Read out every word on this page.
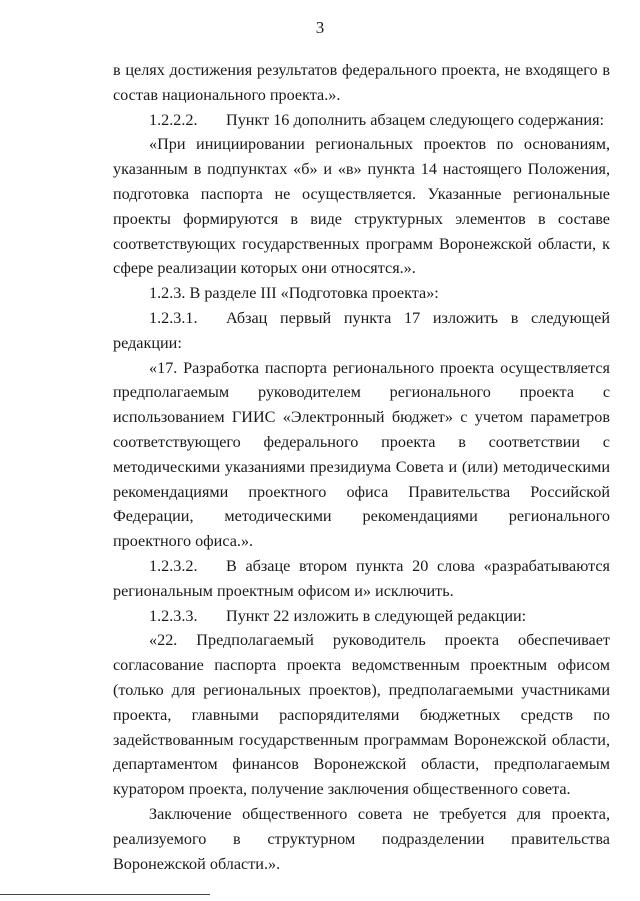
3

в целях достижения результатов федерального проекта, не входящего в состав национального проекта.».

1.2.2.2. Пункт 16 дополнить абзацем следующего содержания:

«При инициировании региональных проектов по основаниям, указанным в подпунктах «б» и «в» пункта 14 настоящего Положения, подготовка паспорта не осуществляется. Указанные региональные проекты формируются в виде структурных элементов в составе соответствующих государственных программ Воронежской области, к сфере реализации которых они относятся.».

1.2.3. В разделе III «Подготовка проекта»:

1.2.3.1. Абзац первый пункта 17 изложить в следующей редакции:

«17. Разработка паспорта регионального проекта осуществляется предполагаемым руководителем регионального проекта с использованием ГИИС «Электронный бюджет» с учетом параметров соответствующего федерального проекта в соответствии с методическими указаниями президиума Совета и (или) методическими рекомендациями проектного офиса Правительства Российской Федерации, методическими рекомендациями регионального проектного офиса.».

1.2.3.2. В абзаце втором пункта 20 слова «разрабатываются региональным проектным офисом и» исключить.

1.2.3.3. Пункт 22 изложить в следующей редакции:

«22. Предполагаемый руководитель проекта обеспечивает согласование паспорта проекта ведомственным проектным офисом (только для региональных проектов), предполагаемыми участниками проекта, главными распорядителями бюджетных средств по задействованным государственным программам Воронежской области, департаментом финансов Воронежской области, предполагаемым куратором проекта, получение заключения общественного совета.

Заключение общественного совета не требуется для проекта, реализуемого в структурном подразделении правительства Воронежской области.».
